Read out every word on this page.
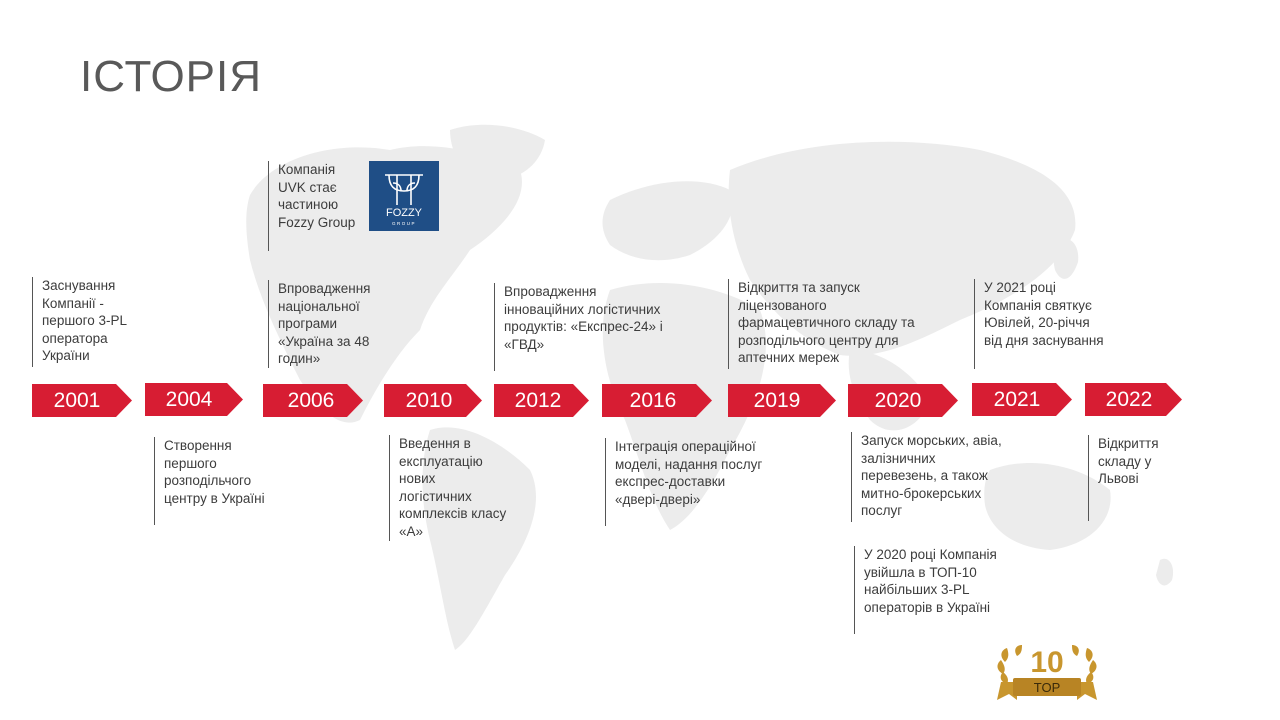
ІСТОРІЯ
FOZZY
GROUP
2001	2004	2006	2010	2012	2016	2019	2020	2021	2022
Заснування Компанії - першого 3-PL оператора України
Компанія UVK стає частиною Fozzy Group
Впровадження національної програми «Україна за 48 годин»
Впровадження інноваційних логістичних продуктів: «Експрес-24» і «ГВД»
Відкриття та запуск ліцензованого фармацевтичного складу та розподільчого центру для аптечних мереж
У 2021 році Компанія святкує Ювілей, 20-річчя від дня заснування
Створення першого розподільчого центру в Україні
Введення в експлуатацію нових логістичних комплексів класу «А»
Інтеграція операційної моделі, надання послуг експрес-доставки «двері-двері»
Запуск морських, авіа, залізничних перевезень, а також митно-брокерських послуг
У 2020 році Компанія увійшла в ТОП-10 найбільших 3-PL операторів в Україні
Відкриття складу у Львові
10
TOP
